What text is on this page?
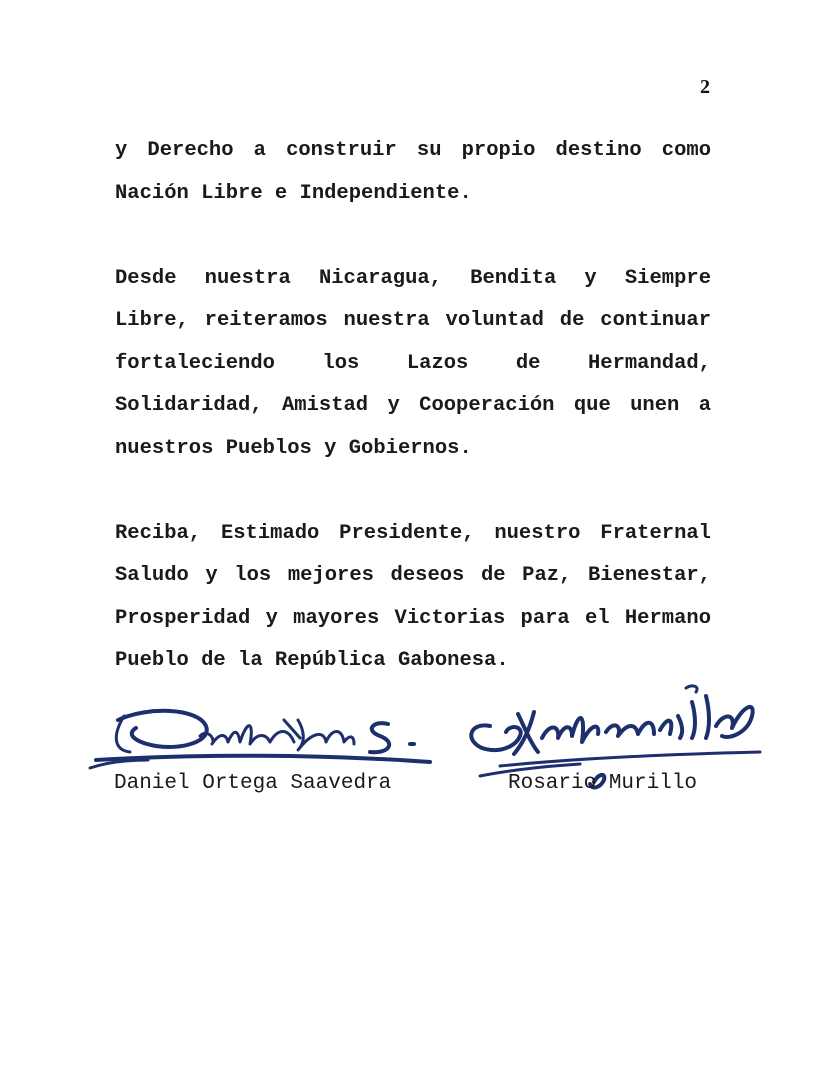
2

y Derecho a construir su propio destino como Nación Libre e Independiente.

Desde nuestra Nicaragua, Bendita y Siempre Libre, reiteramos nuestra voluntad de continuar fortaleciendo los Lazos de Hermandad, Solidaridad, Amistad y Cooperación que unen a nuestros Pueblos y Gobiernos.

Reciba, Estimado Presidente, nuestro Fraternal Saludo y los mejores deseos de Paz, Bienestar, Prosperidad y mayores Victorias para el Hermano Pueblo de la República Gabonesa.

Daniel Ortega Saavedra	Rosario Murillo
